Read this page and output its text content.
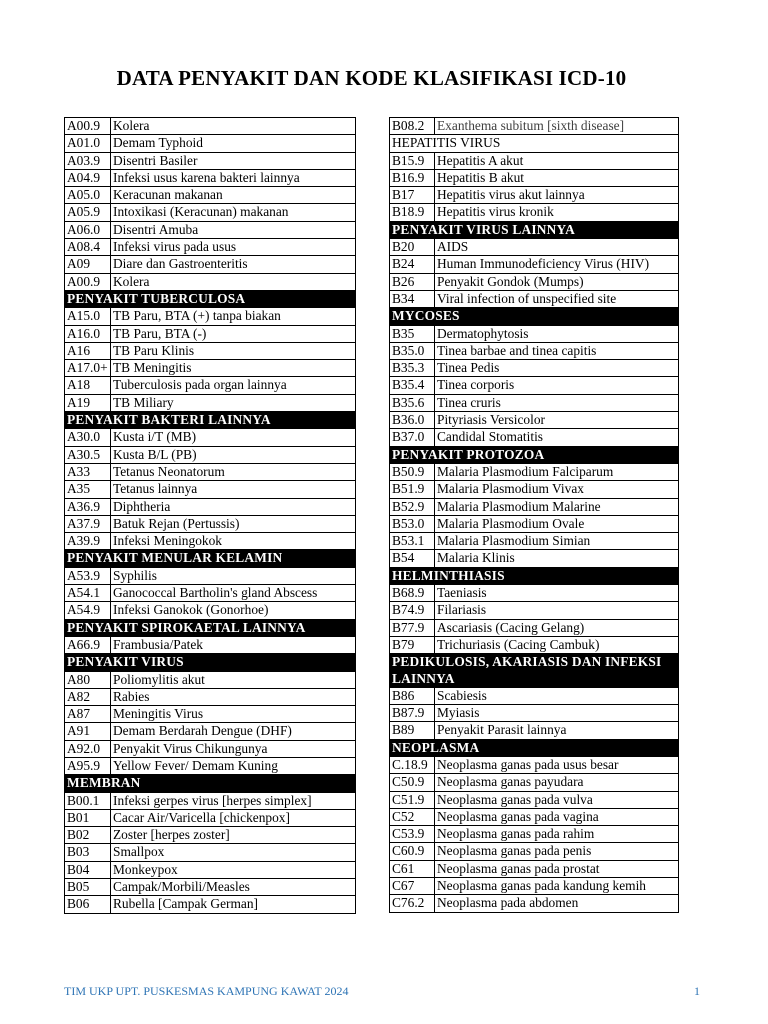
DATA PENYAKIT DAN KODE KLASIFIKASI ICD-10
A00.9	Kolera
A01.0	Demam Typhoid
A03.9	Disentri Basiler
A04.9	Infeksi usus karena bakteri lainnya
A05.0	Keracunan makanan
A05.9	Intoxikasi (Keracunan) makanan
A06.0	Disentri Amuba
A08.4	Infeksi virus pada usus
A09	Diare dan Gastroenteritis
A00.9	Kolera
PENYAKIT TUBERCULOSA	
A15.0	TB Paru, BTA (+) tanpa biakan
A16.0	TB Paru, BTA (-)
A16	TB Paru Klinis
A17.0+	TB Meningitis
A18	Tuberculosis pada organ lainnya
A19	TB Miliary
PENYAKIT BAKTERI LAINNYA	
A30.0	Kusta i/T (MB)
A30.5	Kusta B/L (PB)
A33	Tetanus Neonatorum
A35	Tetanus lainnya
A36.9	Diphtheria
A37.9	Batuk Rejan (Pertussis)
A39.9	Infeksi Meningokok
PENYAKIT MENULAR KELAMIN	
A53.9	Syphilis
A54.1	Ganococcal Bartholin's gland Abscess
A54.9	Infeksi Ganokok (Gonorhoe)
PENYAKIT SPIROKAETAL LAINNYA	
A66.9	Frambusia/Patek
PENYAKIT VIRUS	
A80	Poliomylitis akut
A82	Rabies
A87	Meningitis Virus
A91	Demam Berdarah Dengue (DHF)
A92.0	Penyakit Virus Chikungunya
A95.9	Yellow Fever/ Demam Kuning
MEMBRAN	
B00.1	Infeksi gerpes virus [herpes simplex]
B01	Cacar Air/Varicella [chickenpox]
B02	Zoster [herpes zoster]
B03	Smallpox
B04	Monkeypox
B05	Campak/Morbili/Measles
B06	Rubella [Campak German]
B08.2	Exanthema subitum [sixth disease]
HEPATITIS VIRUS	
B15.9	Hepatitis A akut
B16.9	Hepatitis B akut
B17	Hepatitis virus akut lainnya
B18.9	Hepatitis virus kronik
PENYAKIT VIRUS LAINNYA	
B20	AIDS
B24	Human Immunodeficiency Virus (HIV)
B26	Penyakit Gondok (Mumps)
B34	Viral infection of unspecified site
MYCOSES	
B35	Dermatophytosis
B35.0	Tinea barbae and tinea capitis
B35.3	Tinea Pedis
B35.4	Tinea corporis
B35.6	Tinea cruris
B36.0	Pityriasis Versicolor
B37.0	Candidal Stomatitis
PENYAKIT PROTOZOA	
B50.9	Malaria Plasmodium Falciparum
B51.9	Malaria Plasmodium Vivax
B52.9	Malaria Plasmodium Malarine
B53.0	Malaria Plasmodium Ovale
B53.1	Malaria Plasmodium Simian
B54	Malaria Klinis
HELMINTHIASIS	
B68.9	Taeniasis
B74.9	Filariasis
B77.9	Ascariasis (Cacing Gelang)
B79	Trichuriasis (Cacing Cambuk)
PEDIKULOSIS, AKARIASIS DAN INFEKSI LAINNYA	
B86	Scabiesis
B87.9	Myiasis
B89	Penyakit Parasit lainnya
NEOPLASMA	
C.18.9	Neoplasma ganas pada usus besar
C50.9	Neoplasma ganas payudara
C51.9	Neoplasma ganas pada vulva
C52	Neoplasma ganas pada vagina
C53.9	Neoplasma ganas pada rahim
C60.9	Neoplasma ganas pada penis
C61	Neoplasma ganas pada prostat
C67	Neoplasma ganas pada kandung kemih
C76.2	Neoplasma pada abdomen
TIM UKP UPT. PUSKESMAS KAMPUNG KAWAT 2024	1
